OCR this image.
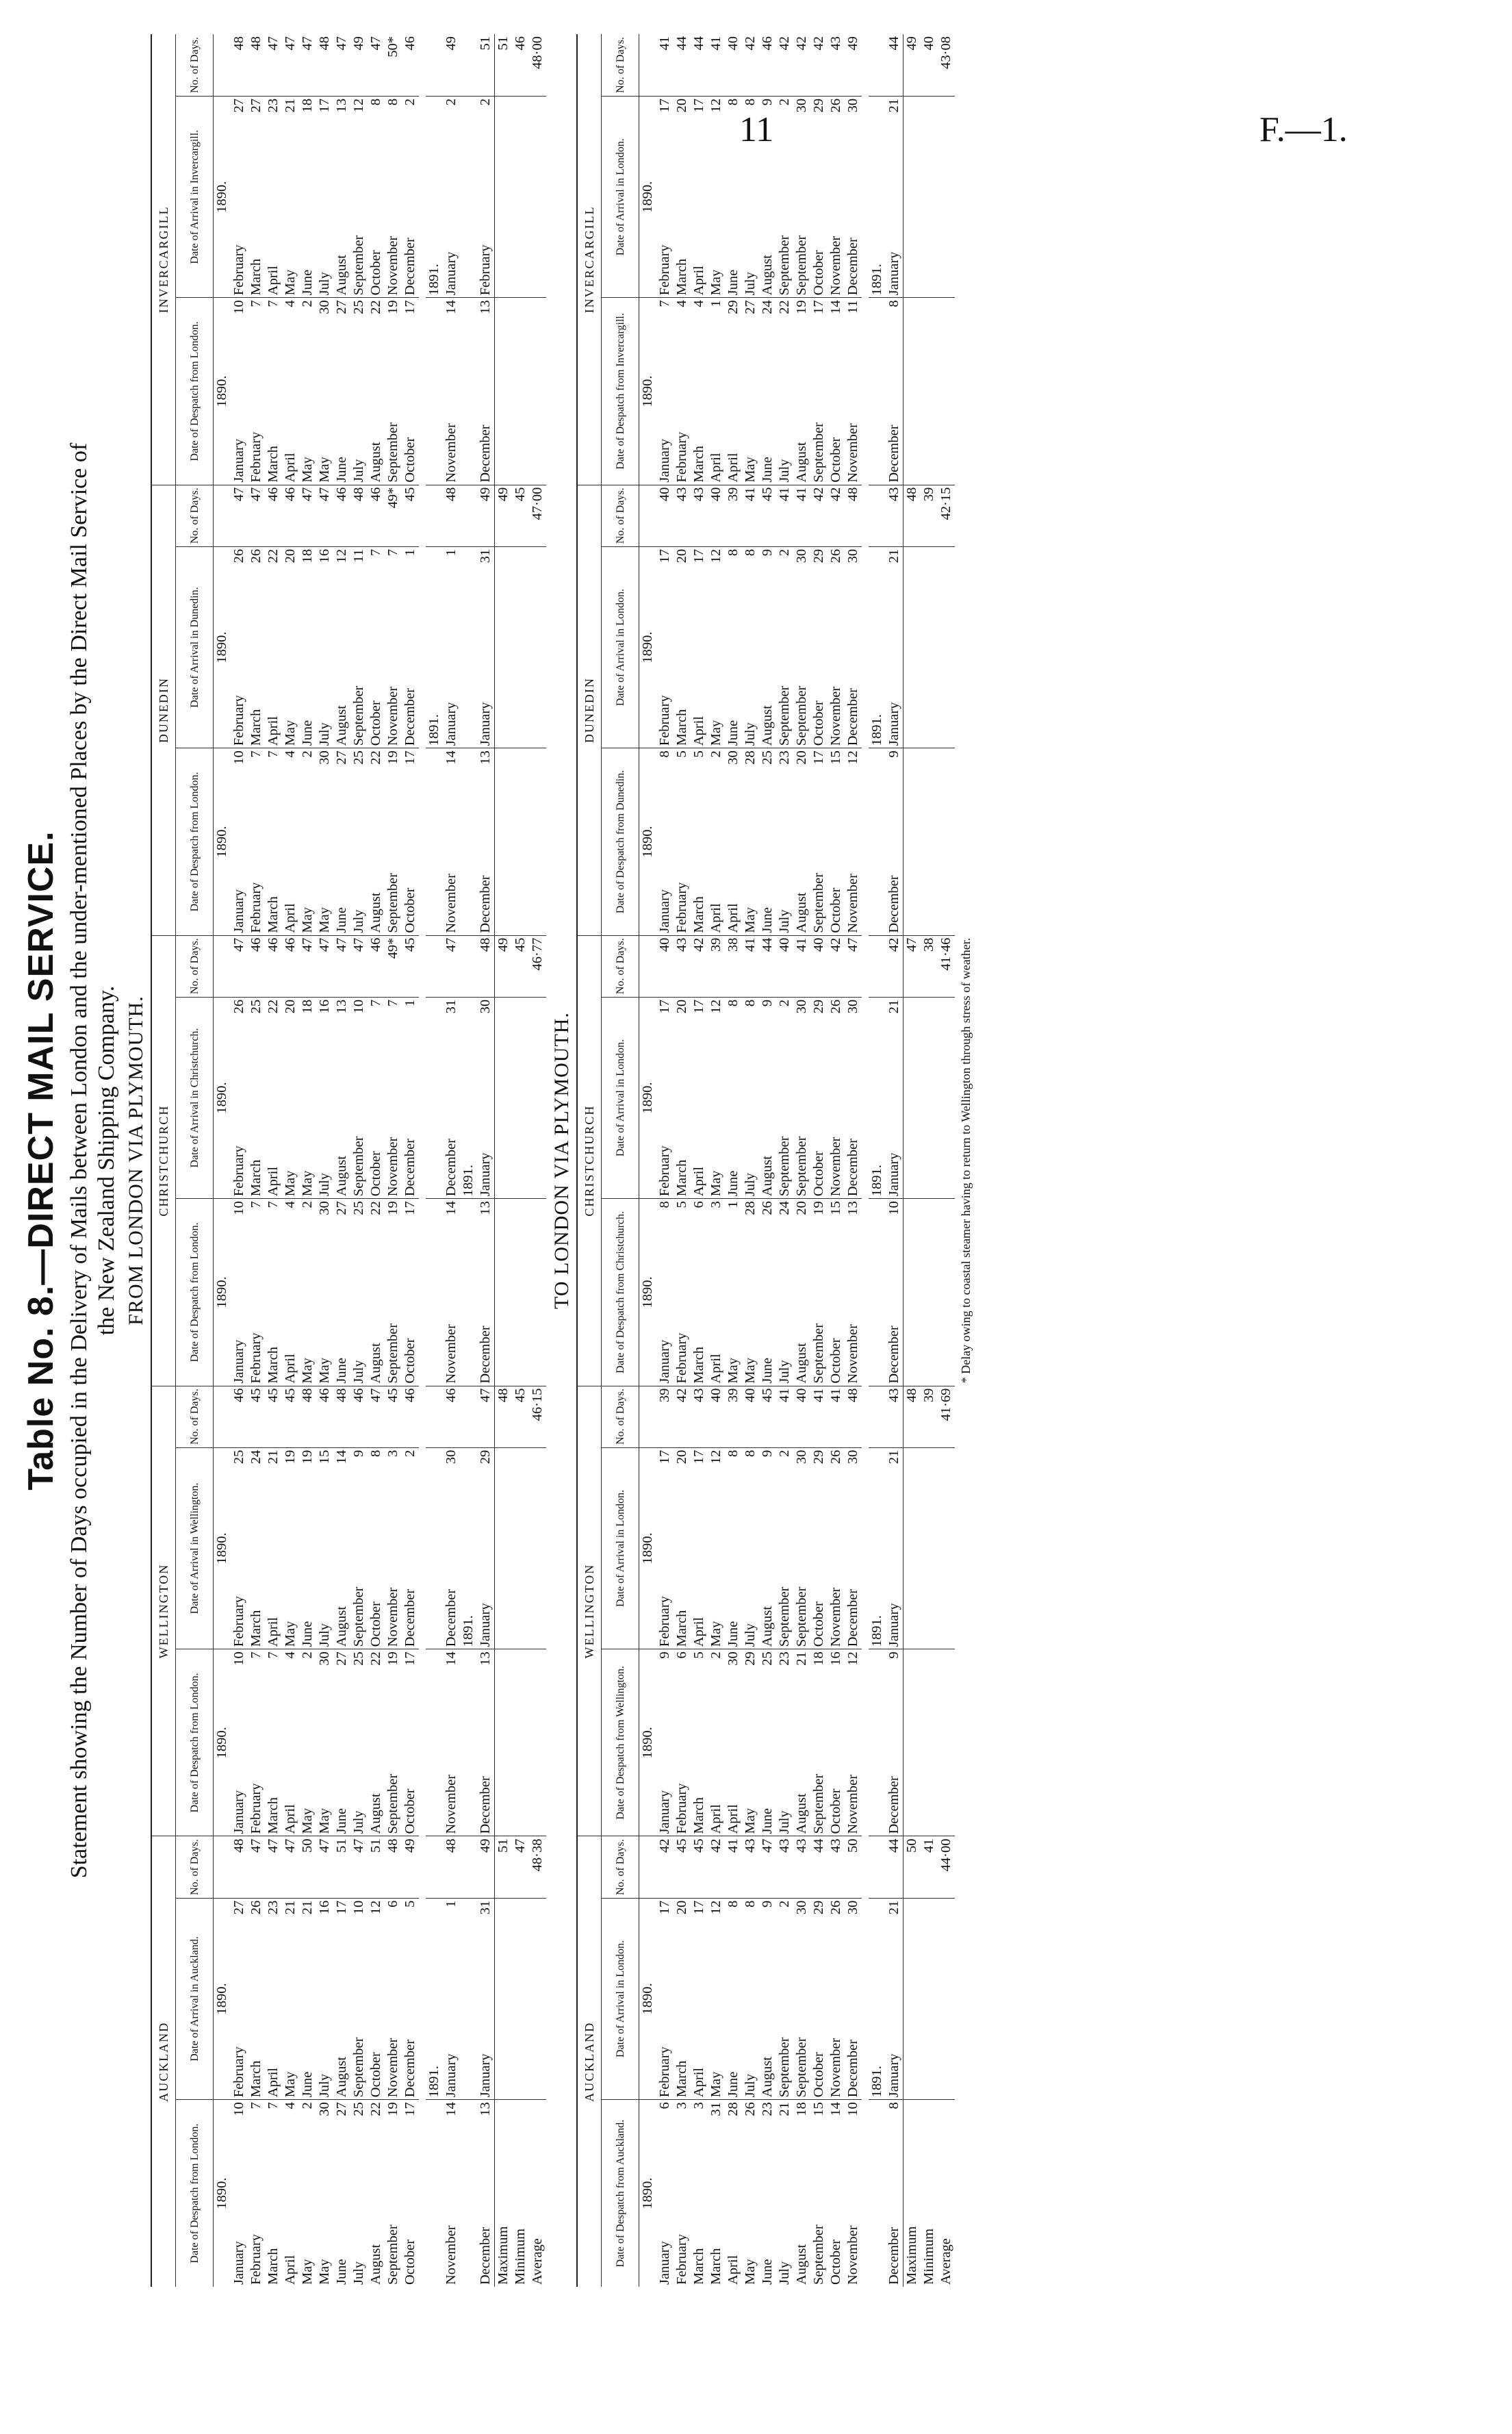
11	F.—1.
Table No. 8.—DIRECT MAIL SERVICE. Statement showing the Number of Days occupied in the Delivery of Mails between London and the under-mentioned Places by the Direct Mail Service of the New Zealand Shipping Company. FROM LONDON VIA PLYMOUTH.
AUCKLAND					WELLINGTON					CHRISTCHURCH					DUNEDIN					INVERCARGILL				
Date of Despatch from London.		Date of Arrival in Auckland.		No. of Days.	Date of Despatch from London.		Date of Arrival in Wellington.		No. of Days.	Date of Despatch from London.		Date of Arrival in Christchurch.		No. of Days.	Date of Despatch from London.		Date of Arrival in Dunedin.		No. of Days.	Date of Despatch from London.		Date of Arrival in Invercargill.		No. of Days.
1890.		1890.			1890.		1890.			1890.		1890.			1890.		1890.			1890.		1890.		
January	10	February	27	48	January	10	February	25	46	January	10	February	26	47	January	10	February	26	47	January	10	February	27	48
February	7	March	26	47	February	7	March	24	45	February	7	March	25	46	February	7	March	26	47	February	7	March	27	48
March	7	April	23	47	March	7	April	21	45	March	7	April	22	46	March	7	April	22	46	March	7	April	23	47
April	4	May	21	47	April	4	May	19	45	April	4	May	20	46	April	4	May	20	46	April	4	May	21	47
May	2	June	21	50	May	2	June	19	48	May	2	May	18	47	May	2	June	18	47	May	2	June	18	47
May	30	July	16	47	May	30	July	15	46	May	30	July	16	47	May	30	July	16	47	May	30	July	17	48
June	27	August	17	51	June	27	August	14	48	June	27	August	13	47	June	27	August	12	46	June	27	August	13	47
July	25	September	10	47	July	25	September	9	46	July	25	September	10	47	July	25	September	11	48	July	25	September	12	49
August	22	October	12	51	August	22	October	8	47	August	22	October	7	46	August	22	October	7	46	August	22	October	8	47
September	19	November	6	48	September	19	November	3	45	September	19	November	7	49*	September	19	November	7	49*	September	19	November	8	50*
October	17	December	5	49	October	17	December	2	46	October	17	December	1	45	October	17	December	1	45	October	17	December	2	46

		1891.															1891.					1891.		
November	14	January	1	48	November	14	December	30	46	November	14	December	31	47	November	14	January	1	48	November	14	January	2	49
							1891.					1891.												
December	13	January	31	49	December	13	January	29	47	December	13	January	30	48	December	13	January	31	49	December	13	February	2	51
Maximum				51					48					49					49					51
Minimum				47					45					45					45					46
Average				48·38					46·15					46·77					47·00					48·00
TO LONDON VIA PLYMOUTH.
AUCKLAND					WELLINGTON					CHRISTCHURCH					DUNEDIN					INVERCARGILL				
Date of Despatch from Auckland.		Date of Arrival in London.		No. of Days.	Date of Despatch from Wellington.		Date of Arrival in London.		No. of Days.	Date of Despatch from Christchurch.		Date of Arrival in London.		No. of Days.	Date of Despatch from Dunedin.		Date of Arrival in London.		No. of Days.	Date of Despatch from Invercargill.		Date of Arrival in London.		No. of Days.
1890.		1890.			1890.		1890.			1890.		1890.			1890.		1890.			1890.		1890.		
January	6	February	17	42	January	9	February	17	39	January	8	February	17	40	January	8	February	17	40	January	7	February	17	41
February	3	March	20	45	February	6	March	20	42	February	5	March	20	43	February	5	March	20	43	February	4	March	20	44
March	3	April	17	45	March	5	April	17	43	March	6	April	17	42	March	5	April	17	43	March	4	April	17	44
March	31	May	12	42	April	2	May	12	40	April	3	May	12	39	April	2	May	12	40	April	1	May	12	41
April	28	June	8	41	April	30	June	8	39	May	1	June	8	38	April	30	June	8	39	April	29	June	8	40
May	26	July	8	43	May	29	July	8	40	May	28	July	8	41	May	28	July	8	41	May	27	July	8	42
June	23	August	9	47	June	25	August	9	45	June	26	August	9	44	June	25	August	9	45	June	24	August	9	46
July	21	September	2	43	July	23	September	2	41	July	24	September	2	40	July	23	September	2	41	July	22	September	2	42
August	18	September	30	43	August	21	September	30	40	August	20	September	30	41	August	20	September	30	41	August	19	September	30	42
September	15	October	29	44	September	18	October	29	41	September	19	October	29	40	September	17	October	29	42	September	17	October	29	42
October	14	November	26	43	October	16	November	26	41	October	15	November	26	42	October	15	November	26	42	October	14	November	26	43
November	10	December	30	50	November	12	December	30	48	November	13	December	30	47	November	12	December	30	48	November	11	December	30	49

		1891.					1891.					1891.					1891.					1891.		
December	8	January	21	44	December	9	January	21	43	December	10	January	21	42	December	9	January	21	43	December	8	January	21	44
Maximum				50					48					47					48					49
Minimum				41					39					38					39					40
Average				44·00					41·69					41·46					42·15					43·08
* Delay owing to coastal steamer having to return to Wellington through stress of weather.
